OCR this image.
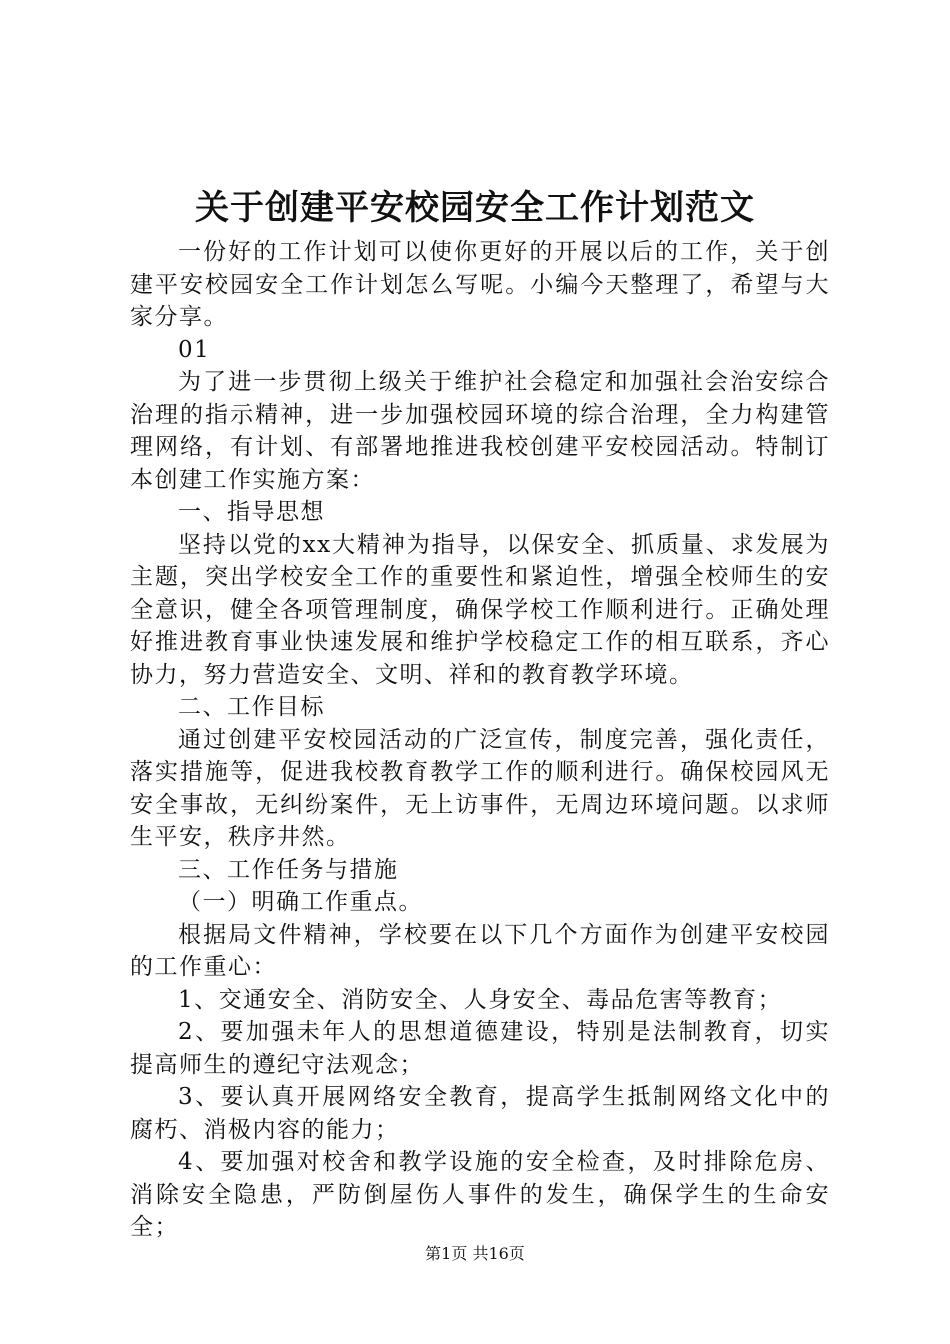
关于创建平安校园安全工作计划范文

一份好的工作计划可以使你更好的开展以后的工作，关于创建平安校园安全工作计划怎么写呢。小编今天整理了，希望与大家分享。

01

为了进一步贯彻上级关于维护社会稳定和加强社会治安综合治理的指示精神，进一步加强校园环境的综合治理，全力构建管理网络，有计划、有部署地推进我校创建平安校园活动。特制订本创建工作实施方案：

一、指导思想

坚持以党的xx大精神为指导，以保安全、抓质量、求发展为主题，突出学校安全工作的重要性和紧迫性，增强全校师生的安全意识，健全各项管理制度，确保学校工作顺利进行。正确处理好推进教育事业快速发展和维护学校稳定工作的相互联系，齐心协力，努力营造安全、文明、祥和的教育教学环境。

二、工作目标

通过创建平安校园活动的广泛宣传，制度完善，强化责任，落实措施等，促进我校教育教学工作的顺利进行。确保校园风无安全事故，无纠纷案件，无上访事件，无周边环境问题。以求师生平安，秩序井然。

三、工作任务与措施

（一）明确工作重点。

根据局文件精神，学校要在以下几个方面作为创建平安校园的工作重心：

1、交通安全、消防安全、人身安全、毒品危害等教育；

2、要加强未年人的思想道德建设，特别是法制教育，切实提高师生的遵纪守法观念；

3、要认真开展网络安全教育，提高学生抵制网络文化中的腐朽、消极内容的能力；

4、要加强对校舍和教学设施的安全检查，及时排除危房、消除安全隐患，严防倒屋伤人事件的发生，确保学生的生命安全；

第1页 共16页
